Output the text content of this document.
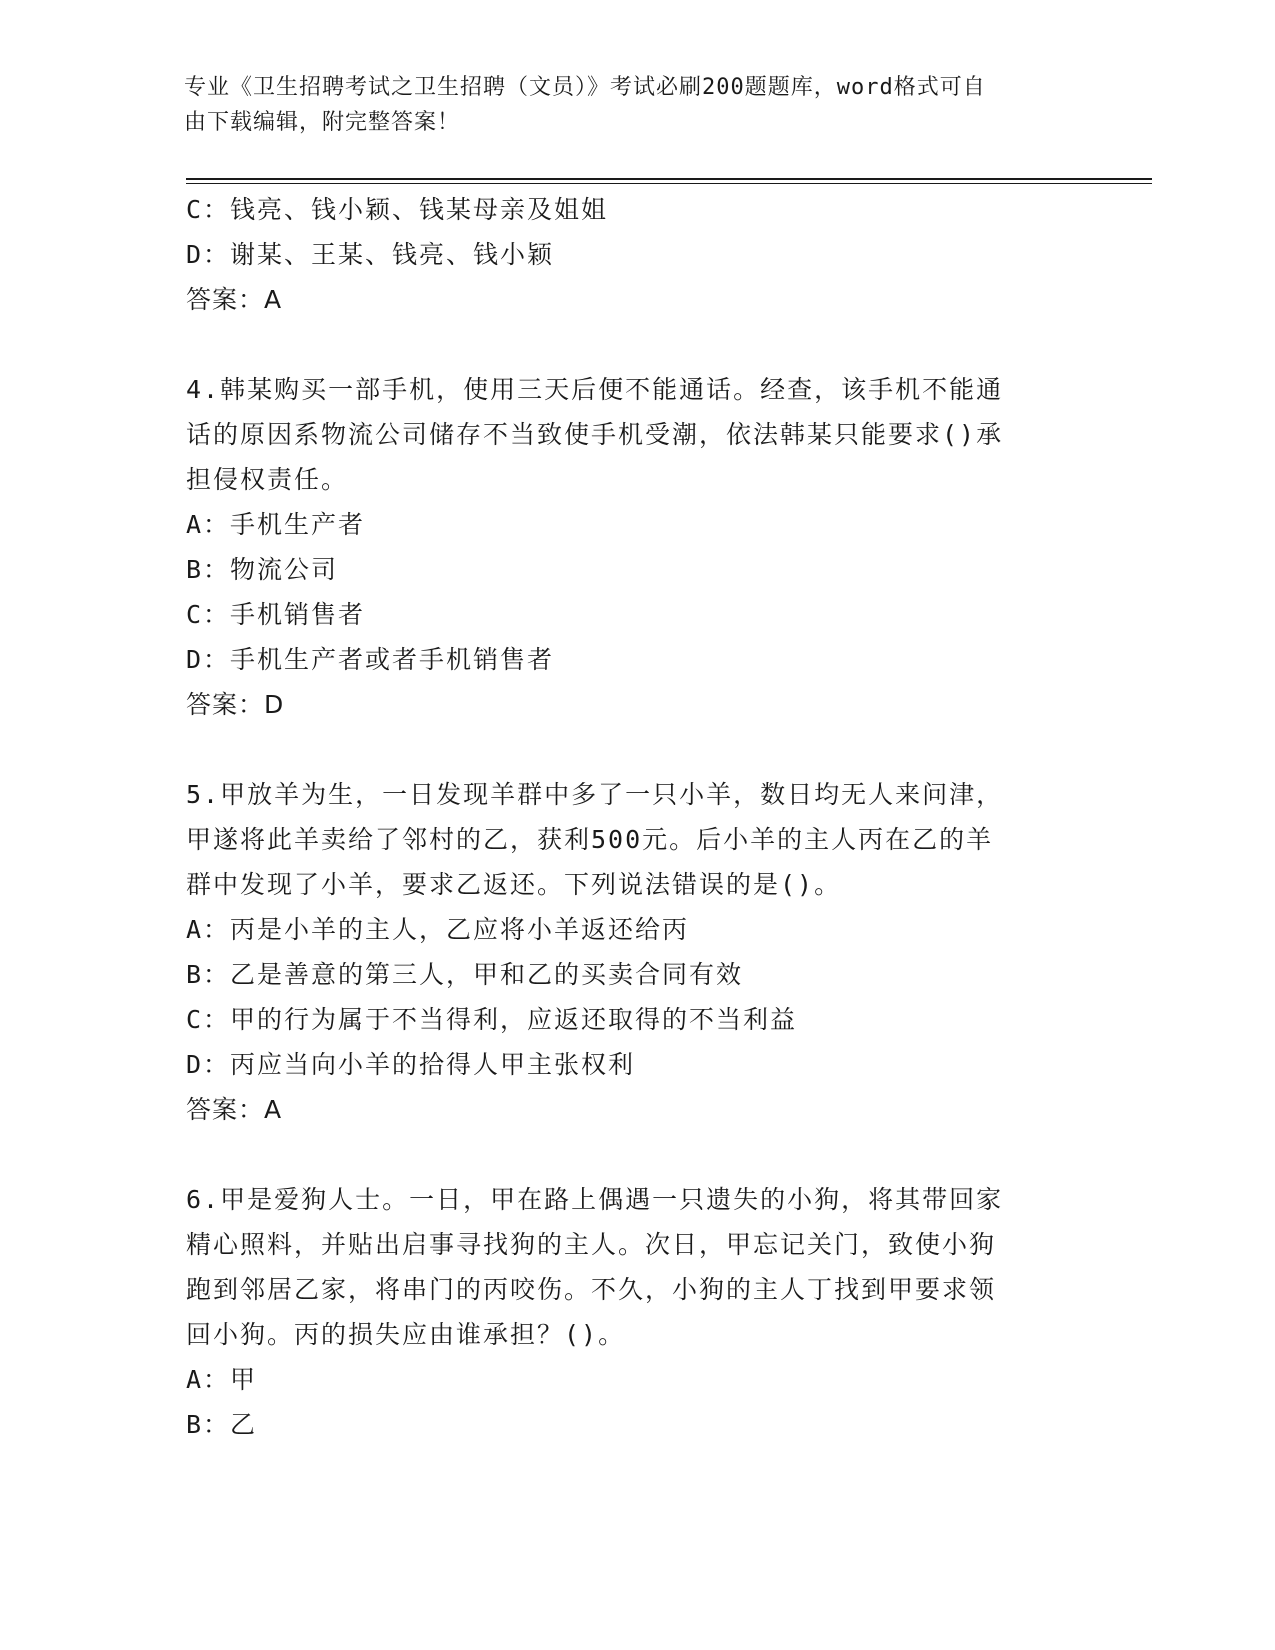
专业《卫生招聘考试之卫生招聘（文员）》考试必刷200题题库，word格式可自
由下载编辑，附完整答案！
C：钱亮、钱小颖、钱某母亲及姐姐
D：谢某、王某、钱亮、钱小颖
答案：A
4.韩某购买一部手机，使用三天后便不能通话。经查，该手机不能通
话的原因系物流公司储存不当致使手机受潮，依法韩某只能要求()承
担侵权责任。
A：手机生产者
B：物流公司
C：手机销售者
D：手机生产者或者手机销售者
答案：D
5.甲放羊为生，一日发现羊群中多了一只小羊，数日均无人来问津，
甲遂将此羊卖给了邻村的乙，获利500元。后小羊的主人丙在乙的羊
群中发现了小羊，要求乙返还。下列说法错误的是()。
A：丙是小羊的主人，乙应将小羊返还给丙
B：乙是善意的第三人，甲和乙的买卖合同有效
C：甲的行为属于不当得利，应返还取得的不当利益
D：丙应当向小羊的拾得人甲主张权利
答案：A
6.甲是爱狗人士。一日，甲在路上偶遇一只遗失的小狗，将其带回家
精心照料，并贴出启事寻找狗的主人。次日，甲忘记关门，致使小狗
跑到邻居乙家，将串门的丙咬伤。不久，小狗的主人丁找到甲要求领
回小狗。丙的损失应由谁承担？()。
A：甲
B：乙
